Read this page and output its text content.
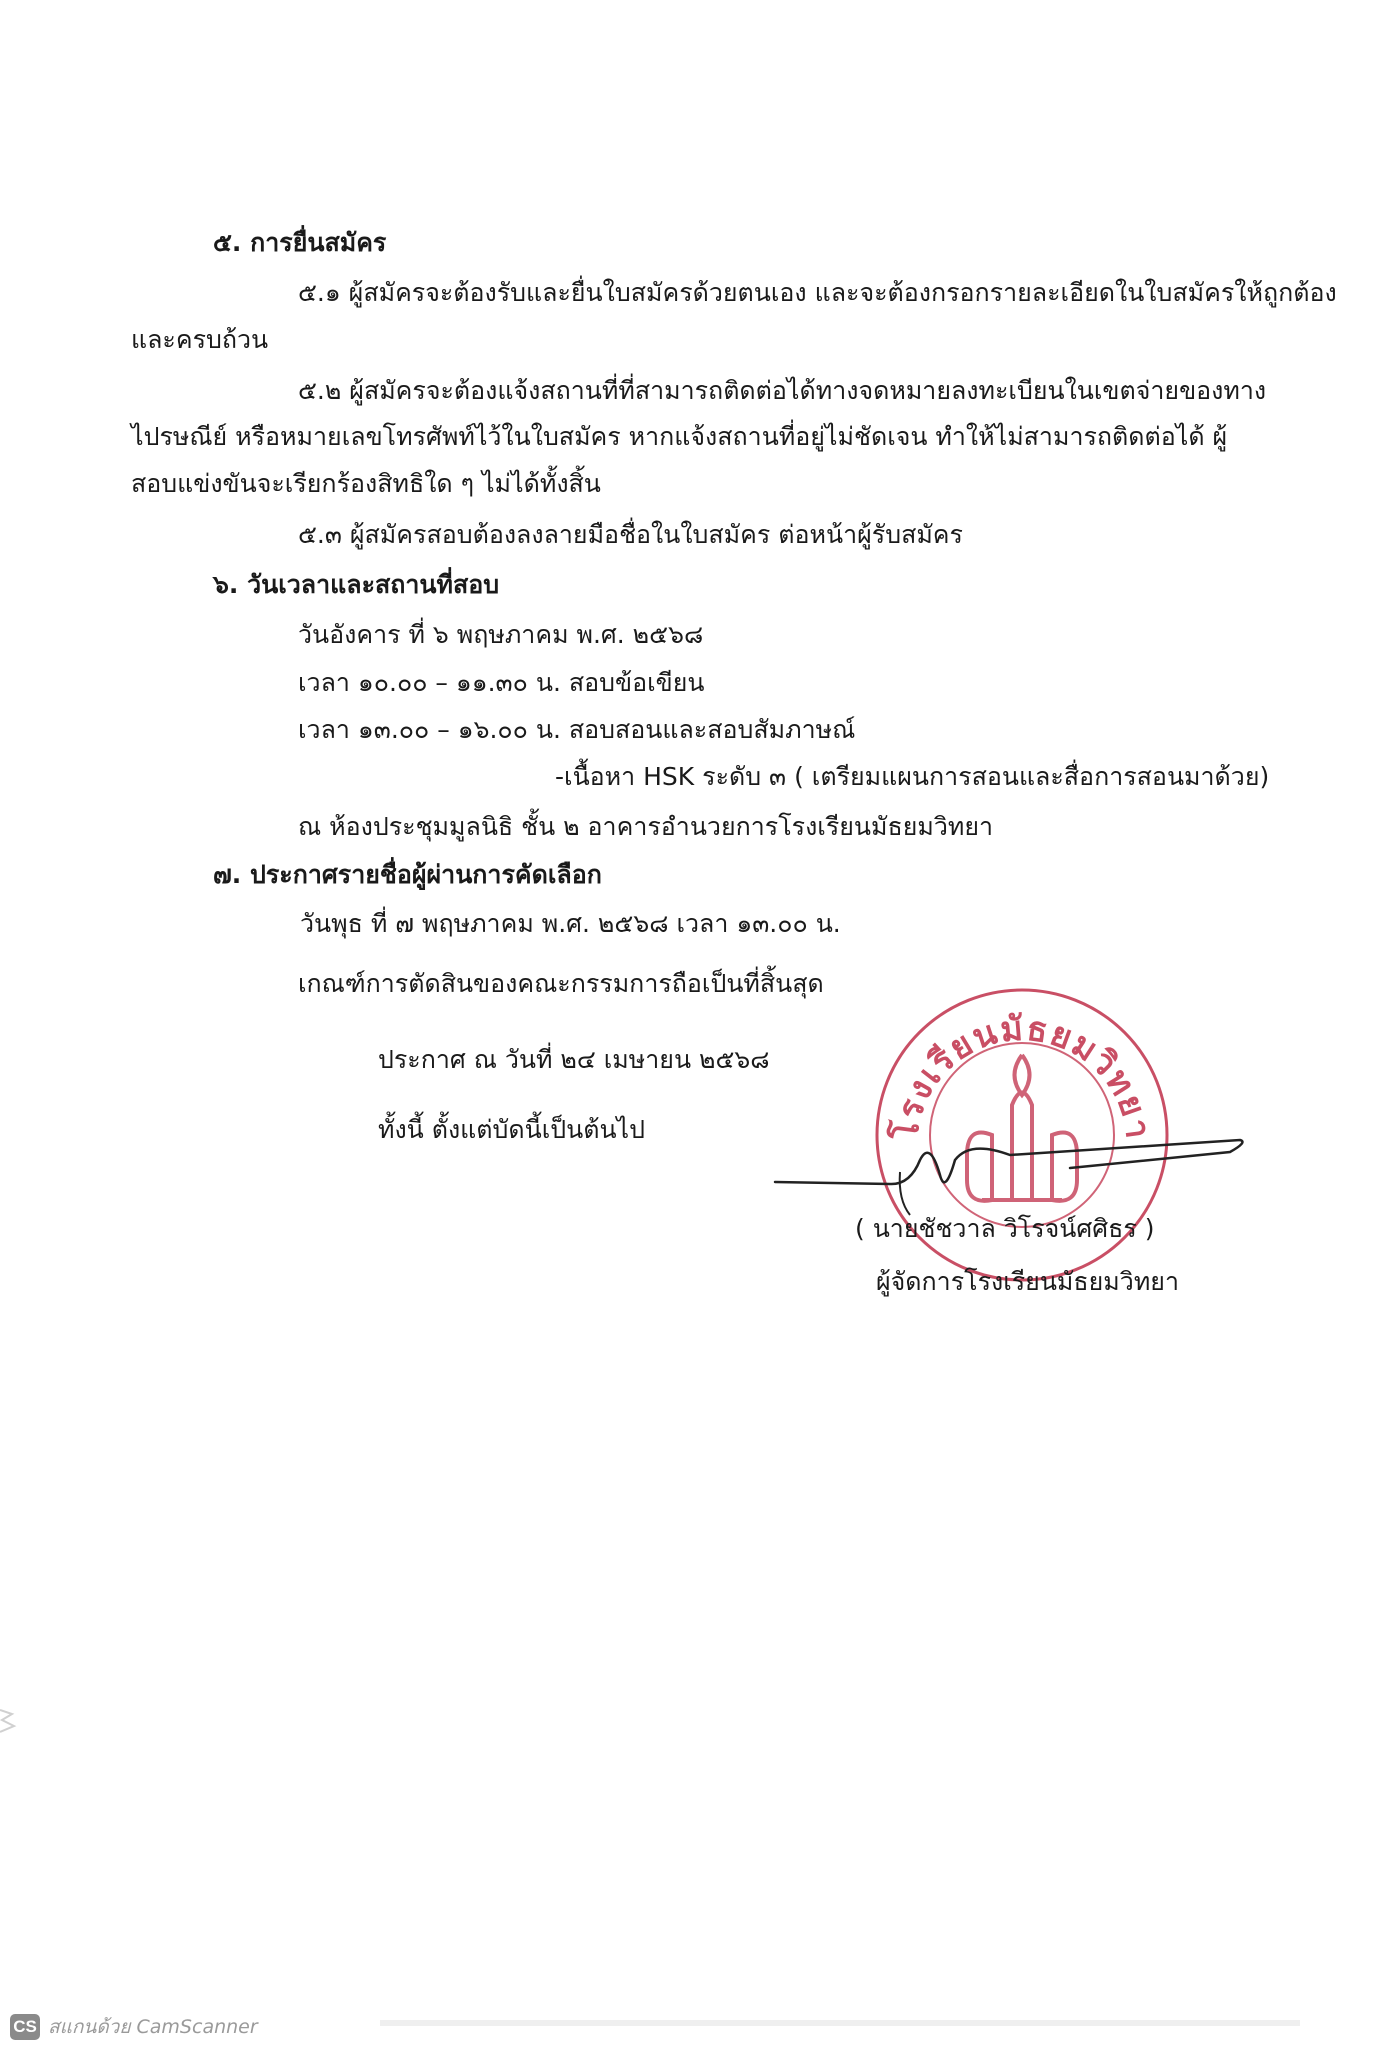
๕. การยื่นสมัคร
๕.๑ ผู้สมัครจะต้องรับและยื่นใบสมัครด้วยตนเอง และจะต้องกรอกรายละเอียดในใบสมัครให้ถูกต้อง
และครบถ้วน
๕.๒ ผู้สมัครจะต้องแจ้งสถานที่ที่สามารถติดต่อได้ทางจดหมายลงทะเบียนในเขตจ่ายของทาง
ไปรษณีย์ หรือหมายเลขโทรศัพท์ไว้ในใบสมัคร หากแจ้งสถานที่อยู่ไม่ชัดเจน ทำให้ไม่สามารถติดต่อได้ ผู้
สอบแข่งขันจะเรียกร้องสิทธิใด ๆ ไม่ได้ทั้งสิ้น
๕.๓ ผู้สมัครสอบต้องลงลายมือชื่อในใบสมัคร ต่อหน้าผู้รับสมัคร
๖. วันเวลาและสถานที่สอบ
วันอังคาร ที่ ๖ พฤษภาคม พ.ศ. ๒๕๖๘
เวลา ๑๐.๐๐ – ๑๑.๓๐ น. สอบข้อเขียน
เวลา ๑๓.๐๐ – ๑๖.๐๐ น. สอบสอนและสอบสัมภาษณ์
-เนื้อหา HSK ระดับ ๓ ( เตรียมแผนการสอนและสื่อการสอนมาด้วย)
ณ ห้องประชุมมูลนิธิ ชั้น ๒ อาคารอำนวยการโรงเรียนมัธยมวิทยา
๗. ประกาศรายชื่อผู้ผ่านการคัดเลือก
วันพุธ ที่ ๗ พฤษภาคม พ.ศ. ๒๕๖๘ เวลา ๑๓.๐๐ น.
เกณฑ์การตัดสินของคณะกรรมการถือเป็นที่สิ้นสุด
ประกาศ ณ วันที่ ๒๔ เมษายน ๒๕๖๘
ทั้งนี้ ตั้งแต่บัดนี้เป็นต้นไป	โรงเรียนมัธยมวิทยา
( นายชัชวาล วิโรจน์ศศิธร )
ผู้จัดการโรงเรียนมัธยมวิทยา
CS สแกนด้วย CamScanner
